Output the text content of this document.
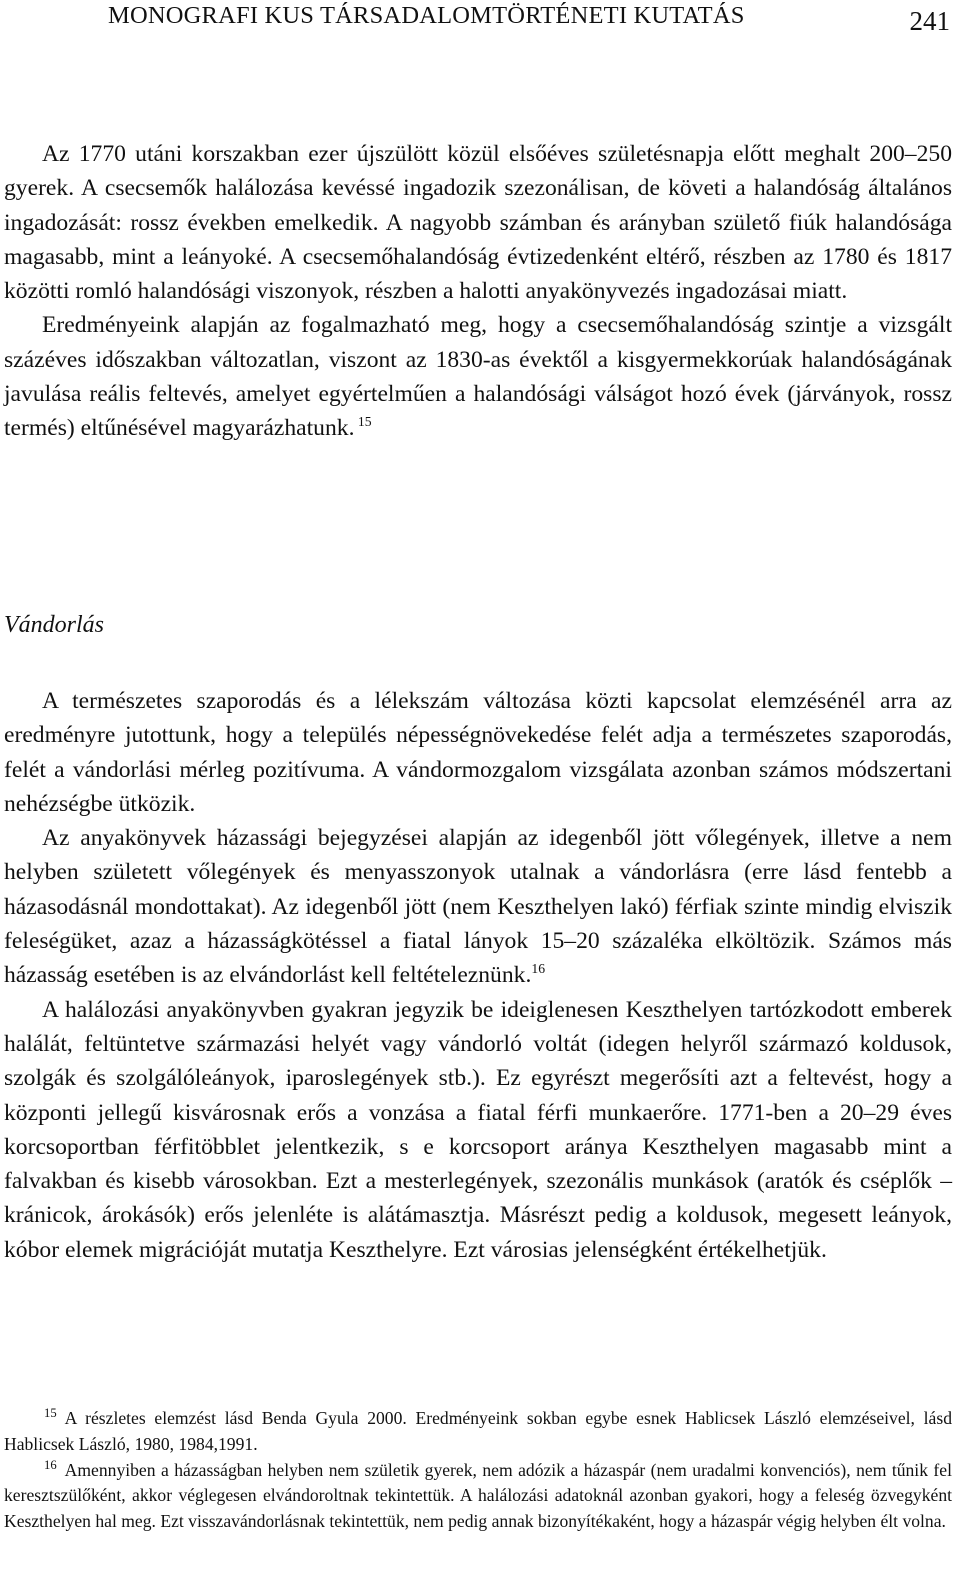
MONOGRAFI KUS TÁRSADALOMTÖRTÉNETI KUTATÁS	241

Az 1770 utáni korszakban ezer újszülött közül elsőéves születésnapja előtt meghalt 200–250 gyerek. A csecsemők halálozása kevéssé ingadozik szezonálisan, de követi a halandóság általános ingadozását: rossz években emelkedik. A nagyobb számban és arányban születő fiúk halandósága magasabb, mint a leányoké. A csecsemőhalandóság évtizedenként eltérő, részben az 1780 és 1817 közötti romló halandósági viszonyok, részben a halotti anyakönyvezés ingadozásai miatt.

Eredményeink alapján az fogalmazható meg, hogy a csecsemőhalandóság szintje a vizsgált százéves időszakban változatlan, viszont az 1830-as évektől a kisgyermekkorúak halandóságának javulása reális feltevés, amelyet egyértelműen a halandósági válságot hozó évek (járványok, rossz termés) eltűnésével magyarázhatunk. $^{15}$

Vándorlás

A természetes szaporodás és a lélekszám változása közti kapcsolat elemzésénél arra az eredményre jutottunk, hogy a település népességnövekedése felét adja a természetes szaporodás, felét a vándorlási mérleg pozitívuma. A vándormozgalom vizsgálata azonban számos módszertani nehézségbe ütközik.

Az anyakönyvek házassági bejegyzései alapján az idegenből jött vőlegények, illetve a nem helyben született vőlegények és menyasszonyok utalnak a vándorlásra (erre lásd fentebb a házasodásnál mondottakat). Az idegenből jött (nem Keszthelyen lakó) férfiak szinte mindig elviszik feleségüket, azaz a házasságkötéssel a fiatal lányok 15–20 százaléka elköltözik. Számos más házasság esetében is az elvándorlást kell feltételeznünk.$^{16}$

A halálozási anyakönyvben gyakran jegyzik be ideiglenesen Keszthelyen tartózkodott emberek halálát, feltüntetve származási helyét vagy vándorló voltát (idegen helyről származó koldusok, szolgák és szolgálóleányok, iparoslegények stb.). Ez egyrészt megerősíti azt a feltevést, hogy a központi jellegű kisvárosnak erős a vonzása a fiatal férfi munkaerőre. 1771-ben a 20–29 éves korcsoportban férfitöbblet jelentkezik, s e korcsoport aránya Keszthelyen magasabb mint a falvakban és kisebb városokban. Ezt a mesterlegények, szezonális munkások (aratók és cséplők – kránicok, árokásók) erős jelenléte is alátámasztja. Másrészt pedig a koldusok, megesett leányok, kóbor elemek migrációját mutatja Keszthelyre. Ezt városias jelenségként értékelhetjük.

$^{15}$ A részletes elemzést lásd Benda Gyula 2000. Eredményeink sokban egybe esnek Hablicsek László elemzéseivel, lásd Hablicsek László, 1980, 1984,1991.

$^{16}$ Amennyiben a házasságban helyben nem születik gyerek, nem adózik a házaspár (nem uradalmi konvenciós), nem tűnik fel keresztszülőként, akkor véglegesen elvándoroltnak tekintettük. A halálozási adatoknál azonban gyakori, hogy a feleség özvegyként Keszthelyen hal meg. Ezt visszavándorlásnak tekintettük, nem pedig annak bizonyítékaként, hogy a házaspár végig helyben élt volna.
